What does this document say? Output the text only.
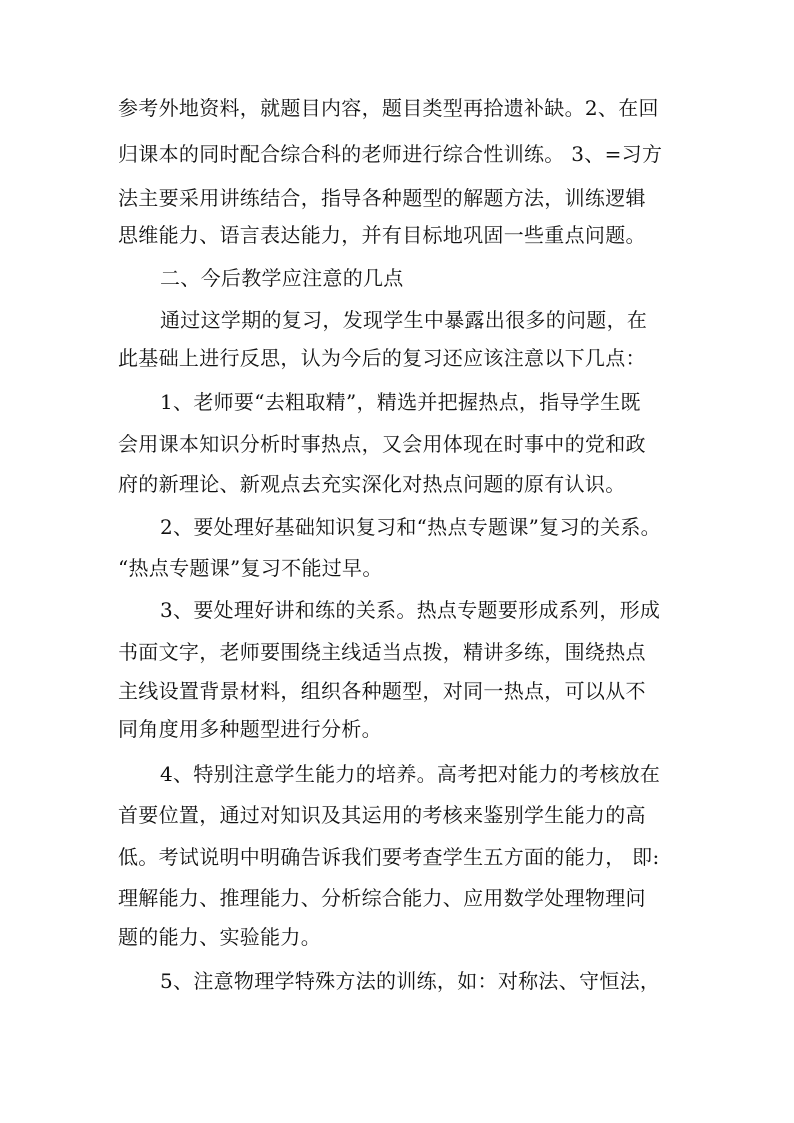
参考外地资料，就题目内容，题目类型再拾遗补缺。2、在回
归课本的同时配合综合科的老师进行综合性训练。 3、=习方
法主要采用讲练结合，指导各种题型的解题方法，训练逻辑
思维能力、语言表达能力，并有目标地巩固一些重点问题。
二、今后教学应注意的几点
通过这学期的复习，发现学生中暴露出很多的问题，在
此基础上进行反思，认为今后的复习还应该注意以下几点：
1、老师要“去粗取精”，精选并把握热点，指导学生既
会用课本知识分析时事热点，又会用体现在时事中的党和政
府的新理论、新观点去充实深化对热点问题的原有认识。
2、要处理好基础知识复习和“热点专题课”复习的关系。
“热点专题课”复习不能过早。
3、要处理好讲和练的关系。热点专题要形成系列，形成
书面文字，老师要围绕主线适当点拨，精讲多练，围绕热点
主线设置背景材料，组织各种题型，对同一热点，可以从不
同角度用多种题型进行分析。
4、特别注意学生能力的培养。高考把对能力的考核放在
首要位置，通过对知识及其运用的考核来鉴别学生能力的高
低。考试说明中明确告诉我们要考查学生五方面的能力， 即:
理解能力、推理能力、分析综合能力、应用数学处理物理问
题的能力、实验能力。
5、注意物理学特殊方法的训练，如：对称法、守恒法，
